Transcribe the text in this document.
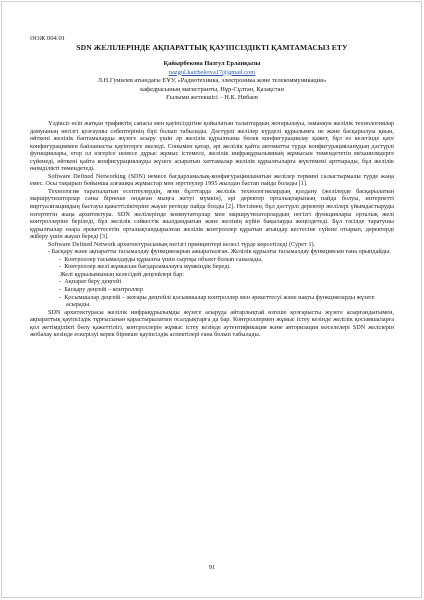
ӘОЖ 004.01
SDN ЖЕЛІЛЕРІНДЕ АҚПАРАТТЫҚ ҚАУІПСІЗДІКТІ ҚАМТАМАСЫЗ ЕТУ
Қайырбекова Назгул Ерланқызы
nazgul.kairbekova17@gmail.com
Л.Н.Гумилев атындағы ЕҰУ, «Радиотехника, электроника және телекоммуникация»
кафедрасының магистранты, Нұр-Сұлтан, Қазақстан
Ғылыми жетекшісі – Н.К. Нибаев

Үздіксіз өсіп жатқан трафиктің сапасы мен қауіпсіздігіне қойылатын талаптардың жоғарылауы, заманауи желілік технологиялар дамуының негізгі қозғаушы себептерінің бірі болып табылады. Дәстүрлі желілер күрделі құрылымға не және басқарылуы қиын, өйткені желілік баптамаларды жүзеге асыру үшін әр желілік құрылғыны бөлек конфигурациялау қажет, бұл өз кезегінде қате конфигурациямен байланысты қауіптерге әкеледі. Сонымен қатар, әрі желілік қайта автоматты түрде конфигурацияланудың дәстүрлі функциялары, егер ол өзгерісе немесе дұрыс жұмыс істемесе, желілік инфрақұрылымның жұмысын төмендететін механизмдерге сүйенеді, өйткені қайта конфигурациялауды жүзеге асыратын хаттамалар желілік құрылғыларға жүктемені арттырады, бұл желілік өнімділікті төмендетеді.

Software Defined Networking (SDN) немесе бағдарламалық-конфигурацияланатын желілер термині салыстырмалы түрде жаңа емес. Осы тақырып бойынша алғашқы жұмыстар мен зерттеулер 1995 жылдан бастап пайда болады [1].

Технология таратылатын есептеулердің, яғни бұлттарда желілік технологиялардың қолдану (желілерде басқарылатын маршрутизаторлар саны бірнеше ондаған мыңға жетуі мүмкін), әрі деректер орталықтарының пайда болуы, интернетті виртуализациядың бастауы қажеттіліктеріне жауап ретінде пайда болды [2]. Негізінен, бұл дәстүрлі деректер желілері үйымдастыруды өзгертетін жаңа архитектура. SDN желілерінде коммутаторлар мен маршрутизаторлардың негізгі функциялары орталық желі контроллеріне беріледі, бұл желілік сәйкестік жылдамдығын және желінің күйін бақылауды жеңілдетеді. Бұл тәсілде таратушы құрылғылар өзара әрекеттесетін орталықтандырылған желілік контроллер құратын ағындар кестесіне сүйене отырып, деректерді жіберу үшін жауап береді [3].

Software Defined Network архитектурасының негізгі принциптері келесі түрде көрсетіледі (Сурет 1).

- Басқару және ақпаратты тасымалдау функцияларын ажыратылған. Желілік құрылғы тасымалдау функциясын ғана орындайды.

-  Контроллер тасымалдауды құрылғы үшін сыртқы объект болып саналады.
-  Контроллер желі жұмысын бағдарламалауға мүмкіндік береді.
Желі құрылымының келесідей деңгейлері бар:
-  Ақпарат беру деңгейі
-  Басқару деңгейі – контроллер
-  Қосымшалар деңгейі – жоғары деңгейлі қосымшалар контроллер мен әрекеттесуі және нақты функцияларды жүзеге асырады.

SDN архитектурасы желілік инфрақұрылымды жүзеге асыруда айтарлықтай өзгеше қозғарысты жүзеге асырғандығымен, ақпараттық қауіпсіздік тұрғысынан қарастырылатын осалдықтарға да бар. Контроллермен жұмыс істеу кезінде желілік қосымшаларға қол жетімділікті бөлу қажеттілігі, контроллерін жұмыс істеу кезінде аутентификация және авторизация мәселелері SDN желілерін жобалау кезінде ескерілуі керек бірнеше қауіпсіздік аспектілері ғана болып табылады.

91
